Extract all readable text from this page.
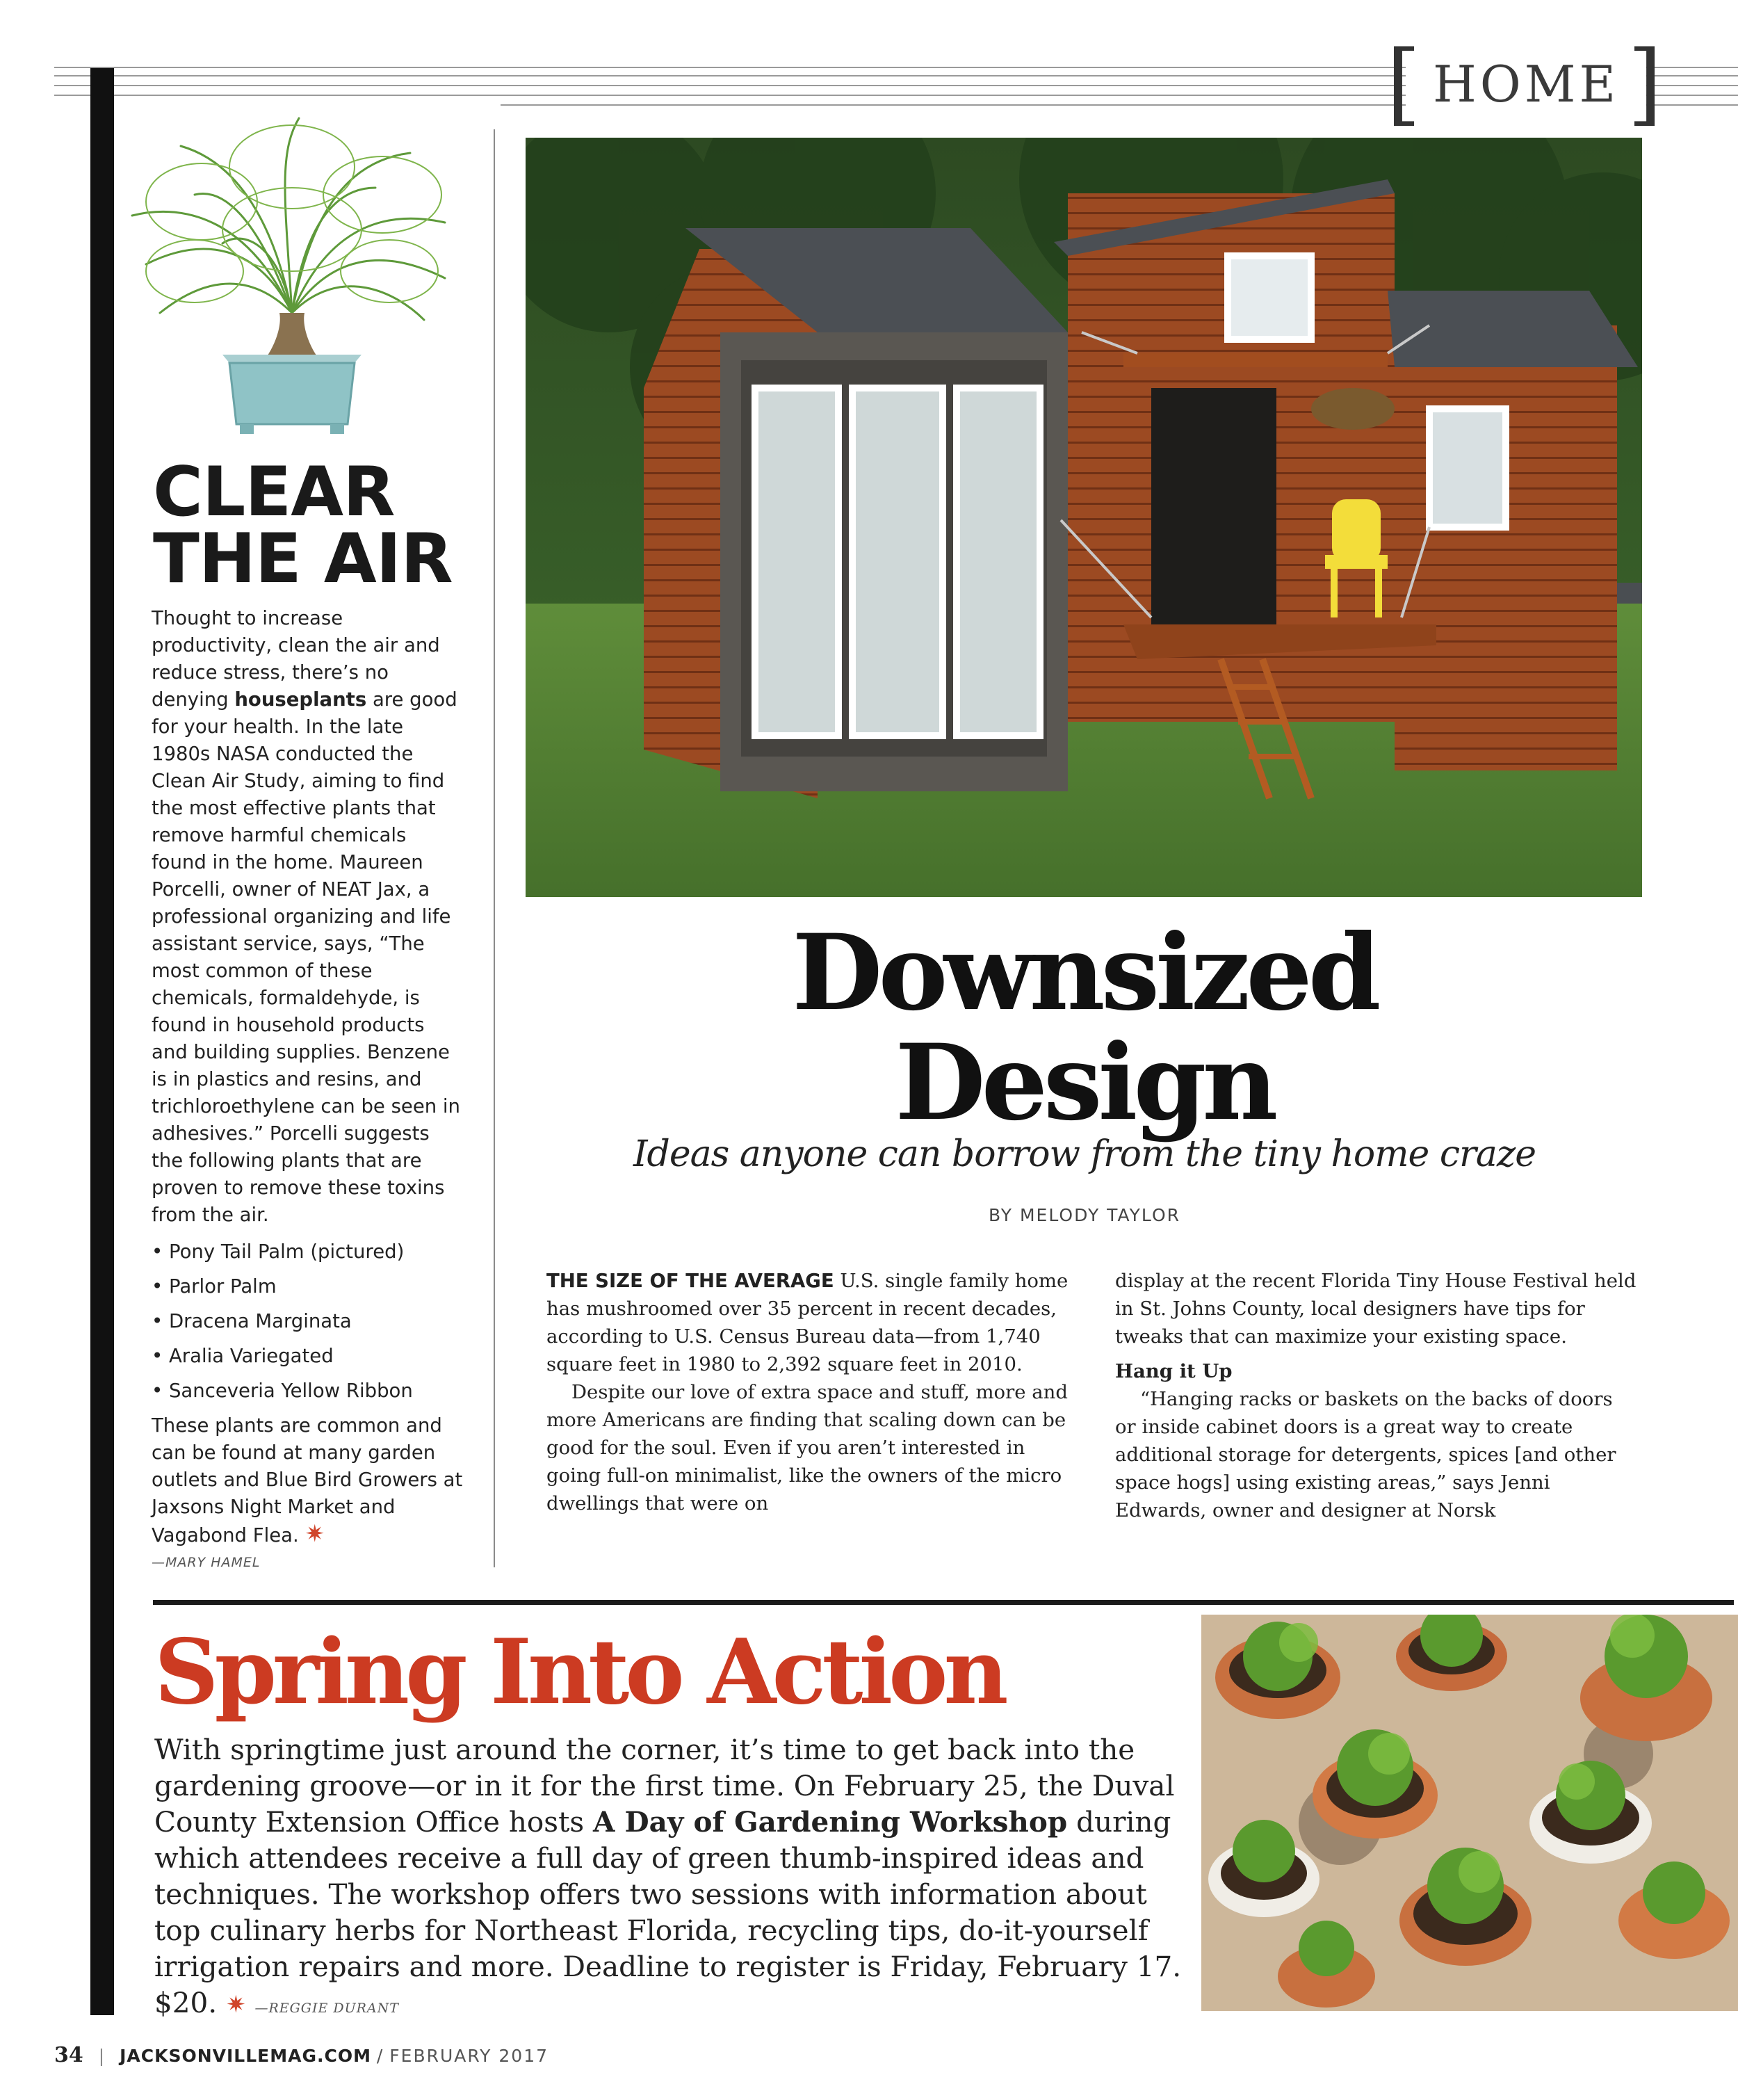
[ HOME ]
CLEAR
THE AIR

Thought to increase productivity, clean the air and reduce stress, there’s no denying houseplants are good for your health. In the late 1980s NASA conducted the Clean Air Study, aiming to find the most effective plants that remove harmful chemicals found in the home. Maureen Porcelli, owner of NEAT Jax, a professional organizing and life assistant service, says, “The most common of these chemicals, formaldehyde, is found in household products and building supplies. Benzene is in plastics and resins, and trichloroethylene can be seen in adhesives.” Porcelli suggests the following plants that are proven to remove these toxins from the air.

• Pony Tail Palm (pictured)
• Parlor Palm
• Dracena Marginata
• Aralia Variegated
• Sanceveria Yellow Ribbon

These plants are common and can be found at many garden outlets and Blue Bird Growers at Jaxsons Night Market and Vagabond Flea. ✷

—MARY HAMEL

Downsized
Design
Ideas anyone can borrow from the tiny home craze
BY MELODY TAYLOR

THE SIZE OF THE AVERAGE U.S. single family home has mushroomed over 35 percent in recent decades, according to U.S. Census Bureau data—from 1,740 square feet in 1980 to 2,392 square feet in 2010.

Despite our love of extra space and stuff, more and more Americans are finding that scaling down can be good for the soul. Even if you aren’t interested in going full-on minimalist, like the owners of the micro dwellings that were on

display at the recent Florida Tiny House Festival held in St. Johns County, local designers have tips for tweaks that can maximize your existing space.

Hang it Up

“Hanging racks or baskets on the backs of doors or inside cabinet doors is a great way to create additional storage for detergents, spices [and other space hogs] using existing areas,” says Jenni Edwards, owner and designer at Norsk

Spring Into Action

With springtime just around the corner, it’s time to get back into the gardening groove—or in it for the first time. On February 25, the Duval County Extension Office hosts A Day of Gardening Workshop during which attendees receive a full day of green thumb-inspired ideas and techniques. The workshop offers two sessions with information about top culinary herbs for Northeast Florida, recycling tips, do-it-yourself irrigation repairs and more. Deadline to register is Friday, February 17. $20. ✷ —REGGIE DURANT

34 | JACKSONVILLEMAG.COM / FEBRUARY 2017
